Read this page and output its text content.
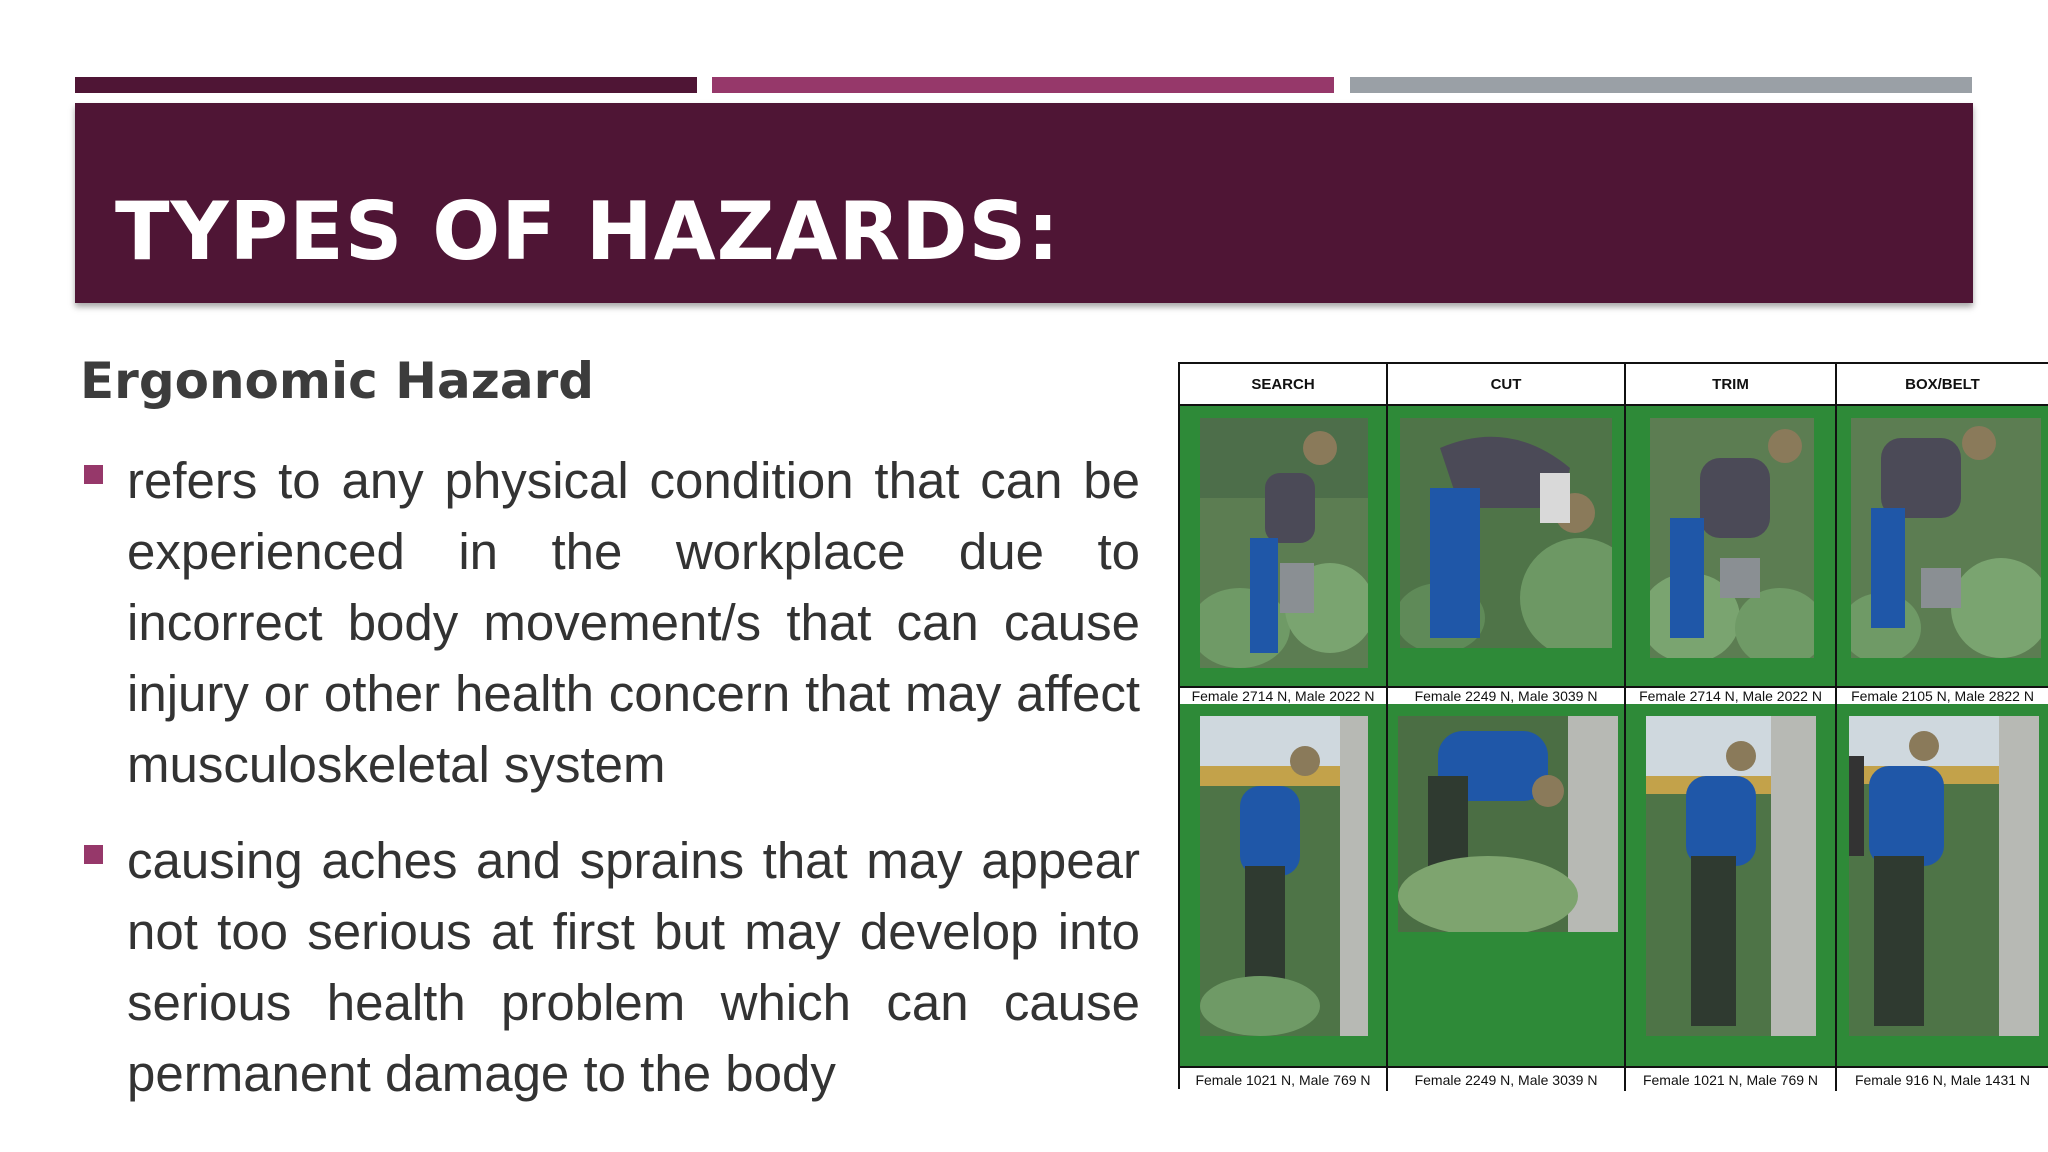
TYPES OF HAZARDS:
Ergonomic Hazard
refers to any physical condition that can be experienced in the workplace due to incorrect body movement/s that can cause injury or other health concern that may affect musculoskeletal system
causing aches and sprains that may appear not too serious at first but may develop into serious health problem which can cause permanent damage to the body
SEARCH	CUT	TRIM	BOX/BELT
Female 2714 N, Male 2022 N	Female 2249 N, Male 3039 N	Female 2714 N, Male 2022 N	Female 2105 N, Male 2822 N
Female 1021 N, Male 769 N	Female 2249 N, Male 3039 N	Female 1021 N, Male 769 N	Female 916 N, Male 1431 N
